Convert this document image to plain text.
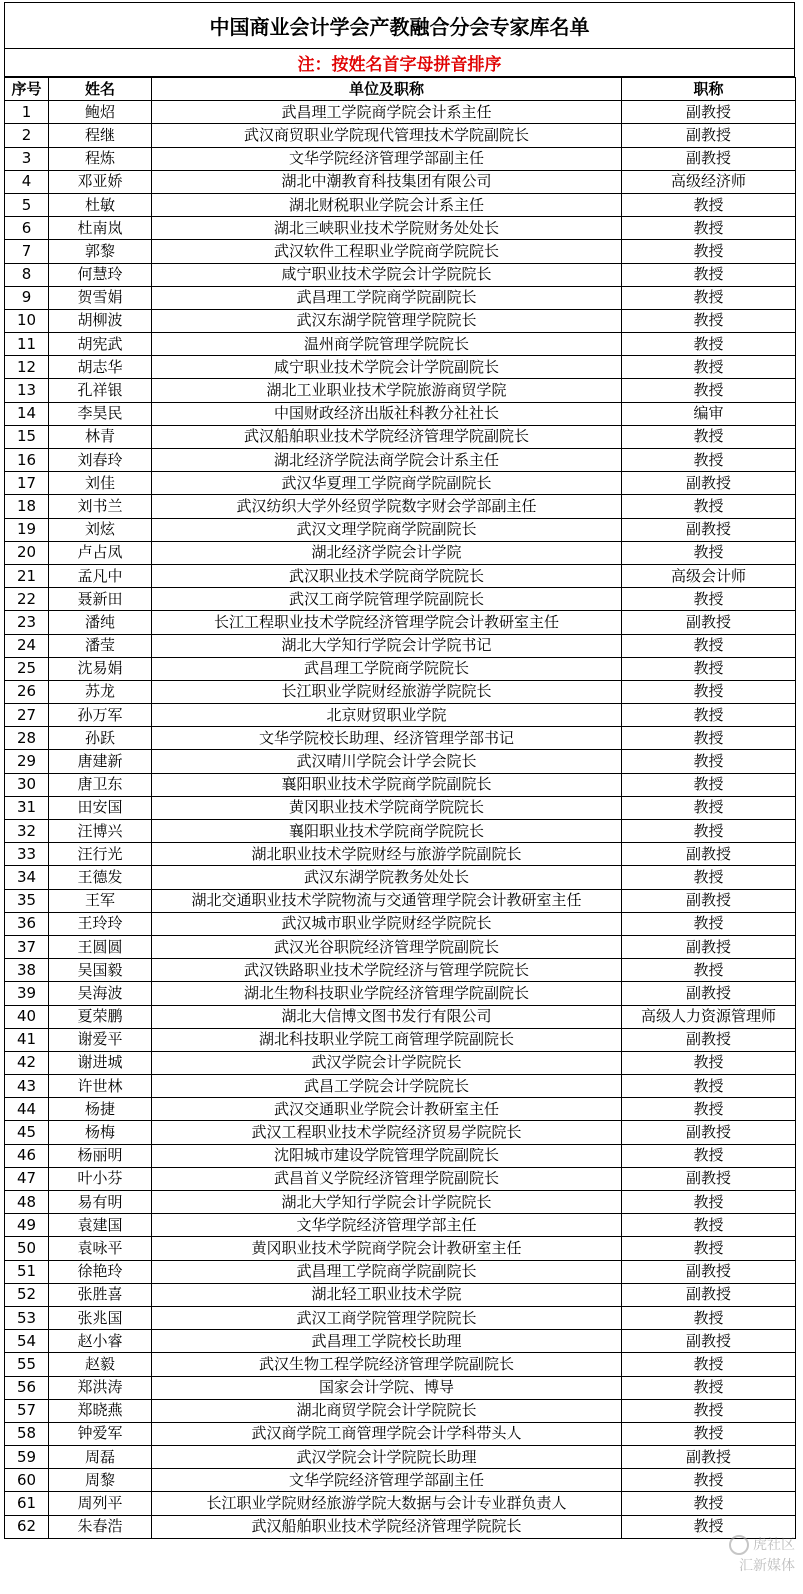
中国商业会计学会产教融合分会专家库名单
注：按姓名首字母拼音排序
序号	姓名	单位及职称	职称
1	鲍炤	武昌理工学院商学院会计系主任	副教授
2	程继	武汉商贸职业学院现代管理技术学院副院长	副教授
3	程炼	文华学院经济管理学部副主任	副教授
4	邓亚娇	湖北中潮教育科技集团有限公司	高级经济师
5	杜敏	湖北财税职业学院会计系主任	教授
6	杜南岚	湖北三峡职业技术学院财务处处长	教授
7	郭黎	武汉软件工程职业学院商学院院长	教授
8	何慧玲	咸宁职业技术学院会计学院院长	教授
9	贺雪娟	武昌理工学院商学院副院长	教授
10	胡柳波	武汉东湖学院管理学院院长	教授
11	胡宪武	温州商学院管理学院院长	教授
12	胡志华	咸宁职业技术学院会计学院副院长	教授
13	孔祥银	湖北工业职业技术学院旅游商贸学院	教授
14	李昊民	中国财政经济出版社科教分社社长	编审
15	林青	武汉船舶职业技术学院经济管理学院副院长	教授
16	刘春玲	湖北经济学院法商学院会计系主任	教授
17	刘佳	武汉华夏理工学院商学院副院长	副教授
18	刘书兰	武汉纺织大学外经贸学院数字财会学部副主任	教授
19	刘炫	武汉文理学院商学院副院长	副教授
20	卢占凤	湖北经济学院会计学院	教授
21	孟凡中	武汉职业技术学院商学院院长	高级会计师
22	聂新田	武汉工商学院管理学院副院长	教授
23	潘纯	长江工程职业技术学院经济管理学院会计教研室主任	副教授
24	潘莹	湖北大学知行学院会计学院书记	教授
25	沈易娟	武昌理工学院商学院院长	教授
26	苏龙	长江职业学院财经旅游学院院长	教授
27	孙万军	北京财贸职业学院	教授
28	孙跃	文华学院校长助理、经济管理学部书记	教授
29	唐建新	武汉晴川学院会计学会院长	教授
30	唐卫东	襄阳职业技术学院商学院副院长	教授
31	田安国	黄冈职业技术学院商学院院长	教授
32	汪博兴	襄阳职业技术学院商学院院长	教授
33	汪行光	湖北职业技术学院财经与旅游学院副院长	副教授
34	王德发	武汉东湖学院教务处处长	教授
35	王军	湖北交通职业技术学院物流与交通管理学院会计教研室主任	副教授
36	王玲玲	武汉城市职业学院财经学院院长	教授
37	王圆圆	武汉光谷职院经济管理学院副院长	副教授
38	吴国毅	武汉铁路职业技术学院经济与管理学院院长	教授
39	吴海波	湖北生物科技职业学院经济管理学院副院长	副教授
40	夏荣鹏	湖北大信博文图书发行有限公司	高级人力资源管理师
41	谢爱平	湖北科技职业学院工商管理学院副院长	副教授
42	谢进城	武汉学院会计学院院长	教授
43	许世林	武昌工学院会计学院院长	教授
44	杨捷	武汉交通职业学院会计教研室主任	教授
45	杨梅	武汉工程职业技术学院经济贸易学院院长	副教授
46	杨丽明	沈阳城市建设学院管理学院副院长	教授
47	叶小芬	武昌首义学院经济管理学院副院长	副教授
48	易有明	湖北大学知行学院会计学院院长	教授
49	袁建国	文华学院经济管理学部主任	教授
50	袁咏平	黄冈职业技术学院商学院会计教研室主任	教授
51	徐艳玲	武昌理工学院商学院副院长	副教授
52	张胜喜	湖北轻工职业技术学院	副教授
53	张兆国	武汉工商学院管理学院院长	教授
54	赵小睿	武昌理工学院校长助理	副教授
55	赵毅	武汉生物工程学院经济管理学院副院长	教授
56	郑洪涛	国家会计学院、博导	教授
57	郑晓燕	湖北商贸学院会计学院院长	教授
58	钟爱军	武汉商学院工商管理学院会计学科带头人	教授
59	周磊	武汉学院会计学院院长助理	副教授
60	周黎	文华学院经济管理学部副主任	教授
61	周列平	长江职业学院财经旅游学院大数据与会计专业群负责人	教授
62	朱春浩	武汉船舶职业技术学院经济管理学院院长	教授
虎社区
汇新媒体
